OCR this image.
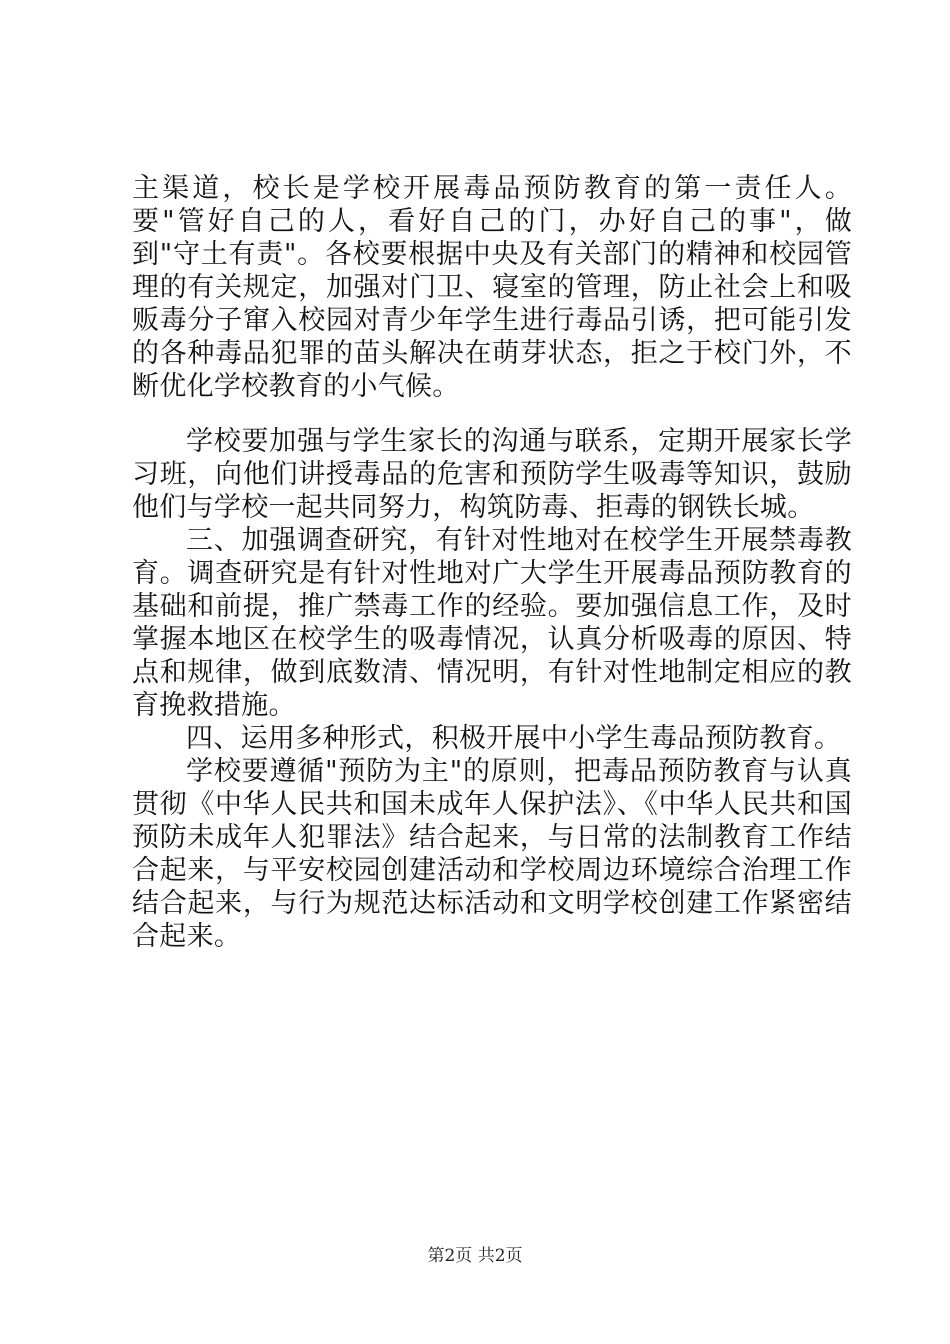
主渠道，校长是学校开展毒品预防教育的第一责任人。要"管好自己的人，看好自己的门，办好自己的事"，做到"守土有责"。各校要根据中央及有关部门的精神和校园管理的有关规定，加强对门卫、寝室的管理，防止社会上和吸贩毒分子窜入校园对青少年学生进行毒品引诱，把可能引发的各种毒品犯罪的苗头解决在萌芽状态，拒之于校门外，不断优化学校教育的小气候。

学校要加强与学生家长的沟通与联系，定期开展家长学习班，向他们讲授毒品的危害和预防学生吸毒等知识，鼓励他们与学校一起共同努力，构筑防毒、拒毒的钢铁长城。

三、加强调查研究，有针对性地对在校学生开展禁毒教育。调查研究是有针对性地对广大学生开展毒品预防教育的基础和前提，推广禁毒工作的经验。要加强信息工作，及时掌握本地区在校学生的吸毒情况，认真分析吸毒的原因、特点和规律，做到底数清、情况明，有针对性地制定相应的教育挽救措施。

四、运用多种形式，积极开展中小学生毒品预防教育。

学校要遵循"预防为主"的原则，把毒品预防教育与认真贯彻《中华人民共和国未成年人保护法》、《中华人民共和国预防未成年人犯罪法》结合起来，与日常的法制教育工作结合起来，与平安校园创建活动和学校周边环境综合治理工作结合起来，与行为规范达标活动和文明学校创建工作紧密结合起来。

第2页 共2页
